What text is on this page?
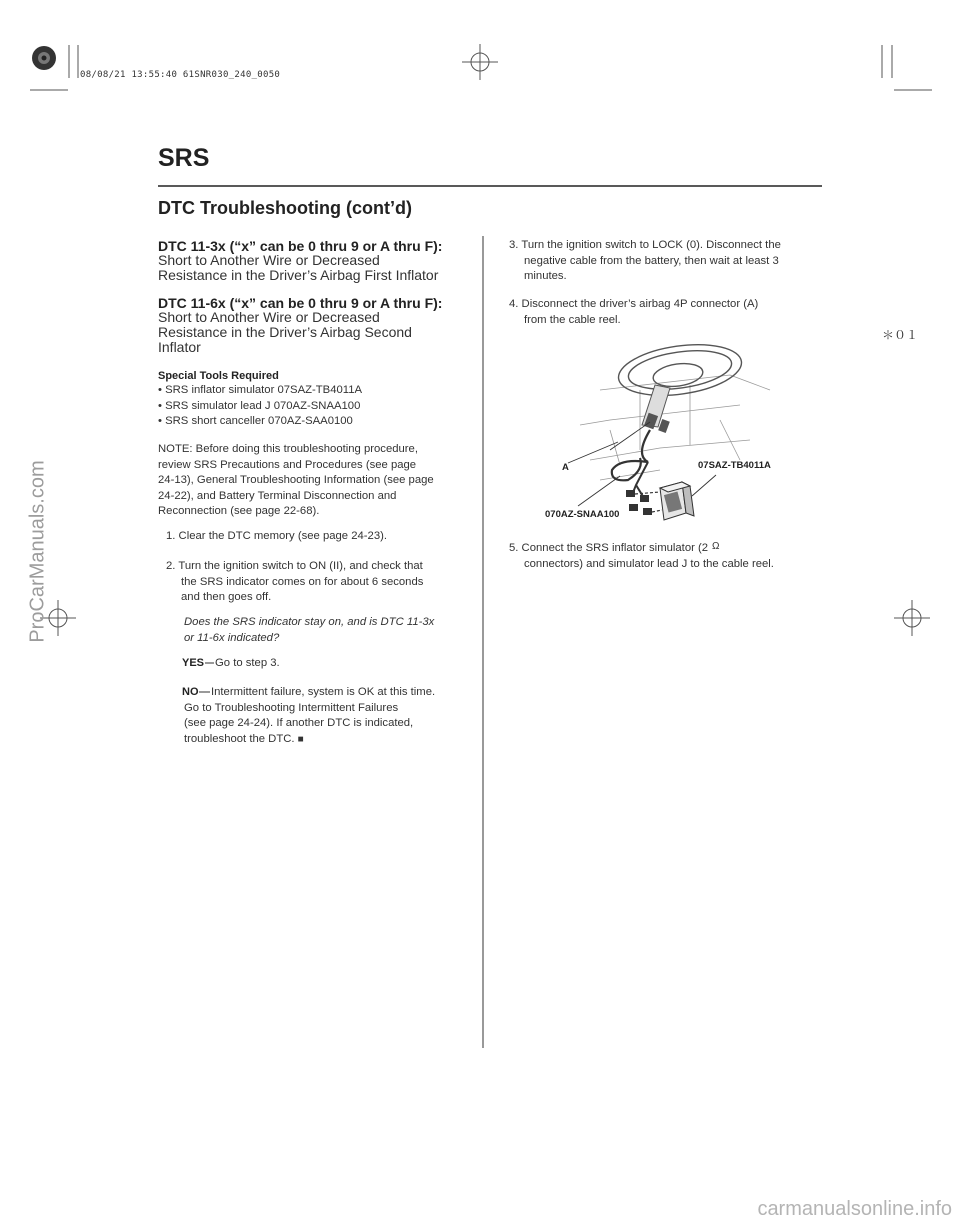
08/08/21 13:55:40 61SNR030_240_0050
SRS
DTC Troubleshooting (cont’d)
＊０１
DTC 11-3x (“x” can be 0 thru 9 or A thru F):
Short to Another Wire or Decreased
Resistance in the Driver’s Airbag First Inflator
DTC 11-6x (“x” can be 0 thru 9 or A thru F):
Short to Another Wire or Decreased
Resistance in the Driver’s Airbag Second
Inflator
Special Tools Required
• SRS inflator simulator 07SAZ-TB4011A
• SRS simulator lead J 070AZ-SNAA100
• SRS short canceller 070AZ-SAA0100
NOTE: Before doing this troubleshooting procedure,
review SRS Precautions and Procedures (see page
24-13), General Troubleshooting Information (see page
24-22), and Battery Terminal Disconnection and
Reconnection (see page 22-68).
1. Clear the DTC memory (see page 24-23).
2. Turn the ignition switch to ON (II), and check that
the SRS indicator comes on for about 6 seconds
and then goes off.
Does the SRS indicator stay on, and is DTC 11-3x
or 11-6x indicated?
YES Go to step 3.
NO	Intermittent failure, system is OK at this time.
Go to Troubleshooting Intermittent Failures
(see page 24-24). If another DTC is indicated,
troubleshoot the DTC. ■
3. Turn the ignition switch to LOCK (0). Disconnect the
negative cable from the battery, then wait at least 3
minutes.
4. Disconnect the driver’s airbag 4P connector (A)
from the cable reel.
A	07SAZ-TB4011A
070AZ-SNAA100
5. Connect the SRS inflator simulator (2 Ω
connectors) and simulator lead J to the cable reel.
ProCarManuals.com
carmanualsonline.info
